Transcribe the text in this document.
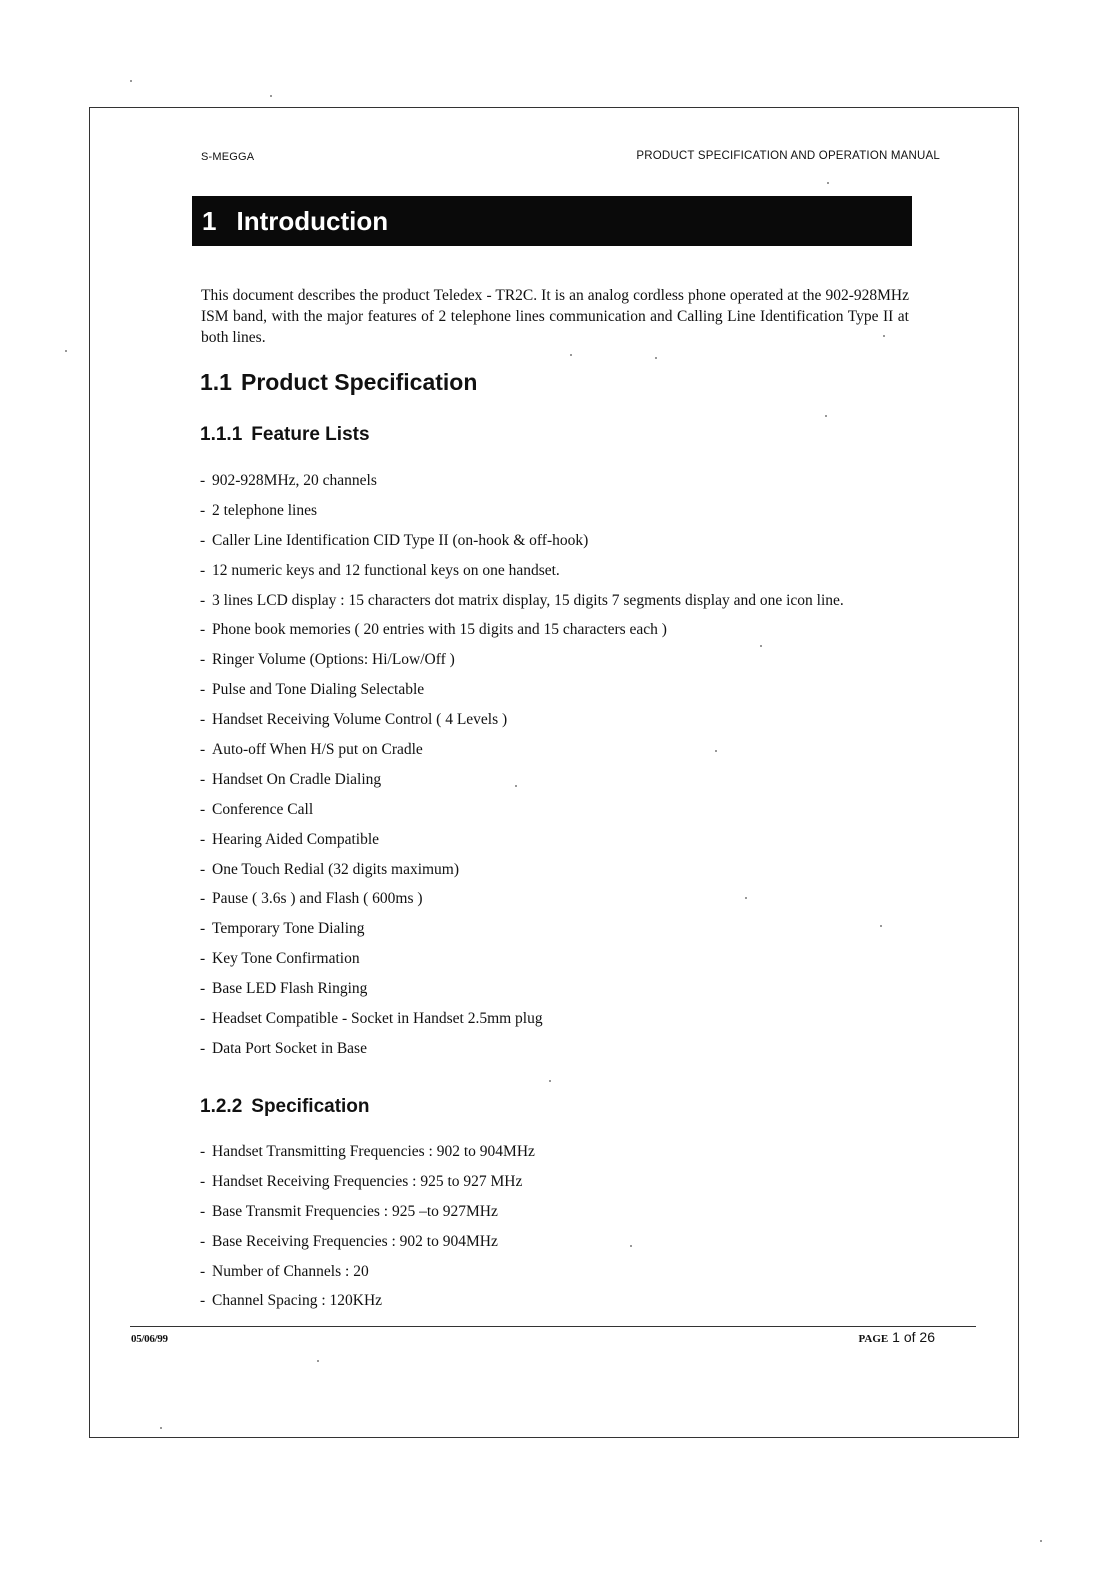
S-MEGGA	PRODUCT SPECIFICATION AND OPERATION MANUAL
1 Introduction
This document describes the product Teledex - TR2C. It is an analog cordless phone operated at the 902-928MHz ISM band, with the major features of 2 telephone lines communication and Calling Line Identification Type II at both lines.
1.1 Product Specification
1.1.1 Feature Lists
- 902-928MHz, 20 channels
- 2 telephone lines
- Caller Line Identification CID Type II (on-hook & off-hook)
- 12 numeric keys and 12 functional keys on one handset.
- 3 lines LCD display : 15 characters dot matrix display, 15 digits 7 segments display and one icon line.
- Phone book memories ( 20 entries with 15 digits and 15 characters each )
- Ringer Volume (Options: Hi/Low/Off )
- Pulse and Tone Dialing Selectable
- Handset Receiving Volume Control ( 4 Levels )
- Auto-off When H/S put on Cradle
- Handset On Cradle Dialing
- Conference Call
- Hearing Aided Compatible
- One Touch Redial (32 digits maximum)
- Pause ( 3.6s ) and Flash ( 600ms )
- Temporary Tone Dialing
- Key Tone Confirmation
- Base LED Flash Ringing
- Headset Compatible - Socket in Handset 2.5mm plug
- Data Port Socket in Base
1.2.2 Specification
- Handset Transmitting Frequencies : 902 to 904MHz
- Handset Receiving Frequencies : 925 to 927 MHz
- Base Transmit Frequencies : 925 –to 927MHz
- Base Receiving Frequencies : 902 to 904MHz
- Number of Channels : 20
- Channel Spacing : 120KHz
05/06/99	PAGE 1 of 26
